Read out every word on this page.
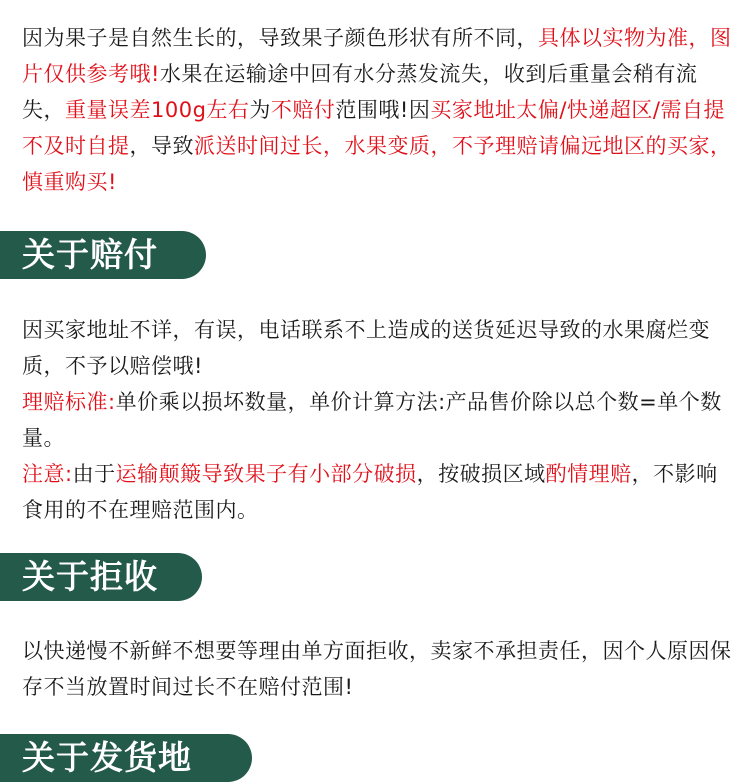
因为果子是自然生长的，导致果子颜色形状有所不同，具体以实物为准，图片仅供参考哦!水果在运输途中回有水分蒸发流失，收到后重量会稍有流失，重量误差100g左右为不赔付范围哦!因买家地址太偏/快递超区/需自提不及时自提，导致派送时间过长，水果变质，不予理赔请偏远地区的买家，慎重购买!

关于赔付
因买家地址不详，有误，电话联系不上造成的送货延迟导致的水果腐烂变质，不予以赔偿哦!
理赔标准:单价乘以损坏数量，单价计算方法:产品售价除以总个数=单个数量。
注意:由于运输颠簸导致果子有小部分破损，按破损区域酌情理赔，不影响食用的不在理赔范围内。
关于拒收
以快递慢不新鲜不想要等理由单方面拒收，卖家不承担责任，因个人原因保存不当放置时间过长不在赔付范围!
关于发货地
